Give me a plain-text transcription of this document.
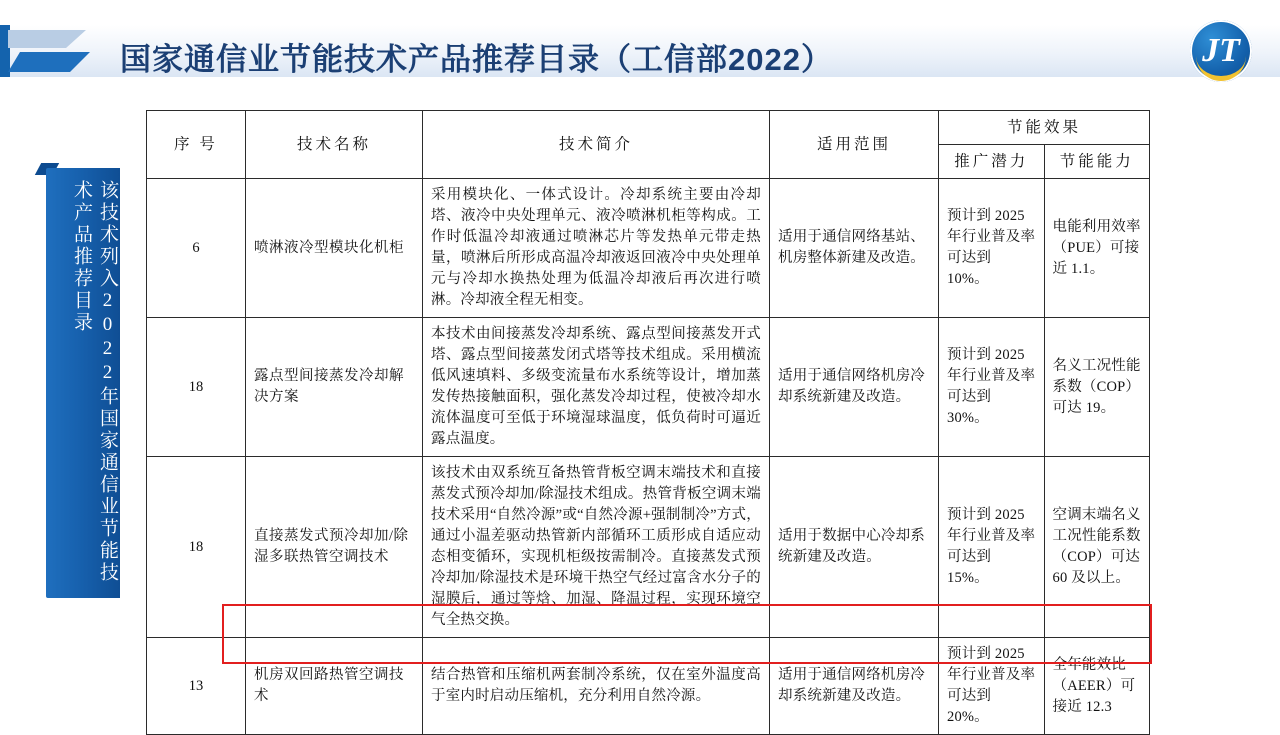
国家通信业节能技术产品推荐目录（工信部2022）	JT
该技术列入2022年国家通信业节能技术产品推荐目录
序 号	技术名称	技术简介	适用范围	节能效果	
				推广潜力	节能能力
6	喷淋液冷型模块化机柜	采用模块化、一体式设计。冷却系统主要由冷却塔、液冷中央处理单元、液冷喷淋机柜等构成。工作时低温冷却液通过喷淋芯片等发热单元带走热量，喷淋后所形成高温冷却液返回液冷中央处理单元与冷却水换热处理为低温冷却液后再次进行喷淋。冷却液全程无相变。	适用于通信网络基站、机房整体新建及改造。	预计到 2025 年行业普及率可达到 10%。	电能利用效率（PUE）可接近 1.1。
18	露点型间接蒸发冷却解决方案	本技术由间接蒸发冷却系统、露点型间接蒸发开式塔、露点型间接蒸发闭式塔等技术组成。采用横流低风速填料、多级变流量布水系统等设计，增加蒸发传热接触面积，强化蒸发冷却过程，使被冷却水流体温度可至低于环境湿球温度，低负荷时可逼近露点温度。	适用于通信网络机房冷却系统新建及改造。	预计到 2025 年行业普及率可达到 30%。	名义工况性能系数（COP）可达 19。
18	直接蒸发式预冷却加/除湿多联热管空调技术	该技术由双系统互备热管背板空调末端技术和直接蒸发式预冷却加/除湿技术组成。热管背板空调末端技术采用“自然冷源”或“自然冷源+强制制冷”方式，通过小温差驱动热管新内部循环工质形成自适应动态相变循环，实现机柜级按需制冷。直接蒸发式预冷却加/除湿技术是环境干热空气经过富含水分子的湿膜后，通过等焓、加湿、降温过程，实现环境空气全热交换。	适用于数据中心冷却系统新建及改造。	预计到 2025 年行业普及率可达到 15%。	空调末端名义工况性能系数（COP）可达 60 及以上。
13	机房双回路热管空调技术	结合热管和压缩机两套制冷系统，仅在室外温度高于室内时启动压缩机，充分利用自然冷源。	适用于通信网络机房冷却系统新建及改造。	预计到 2025 年行业普及率可达到 20%。	全年能效比（AEER）可接近 12.3
